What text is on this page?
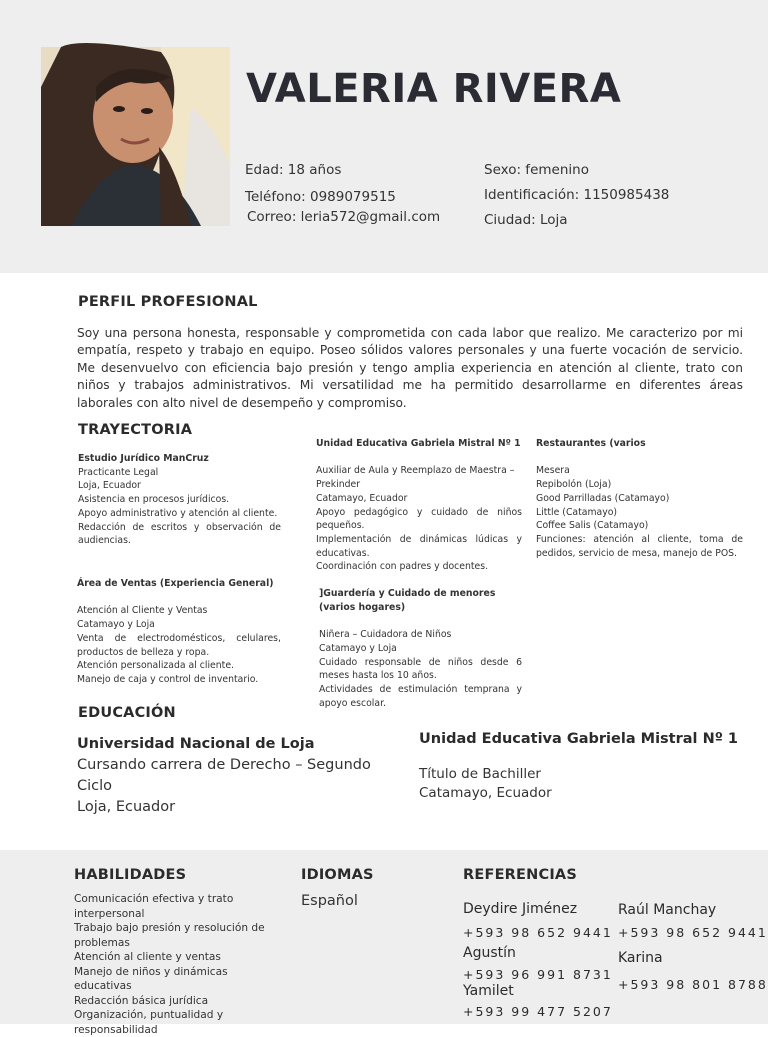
VALERIA RIVERA
Edad: 18 años
Teléfono: 0989079515
Correo: leria572@gmail.com
Sexo: femenino
Identificación: 1150985438
Ciudad: Loja
PERFIL PROFESIONAL
Soy una persona honesta, responsable y comprometida con cada labor que realizo. Me caracterizo por mi empatía, respeto y trabajo en equipo. Poseo sólidos valores personales y una fuerte vocación de servicio. Me desenvuelvo con eficiencia bajo presión y tengo amplia experiencia en atención al cliente, trato con niños y trabajos administrativos. Mi versatilidad me ha permitido desarrollarme en diferentes áreas laborales con alto nivel de desempeño y compromiso.
TRAYECTORIA
Estudio Jurídico ManCruz
Practicante Legal
Loja, Ecuador
Asistencia en procesos jurídicos.
Apoyo administrativo y atención al cliente.
Redacción de escritos y observación de audiencias.
Área de Ventas (Experiencia General)
Atención al Cliente y Ventas
Catamayo y Loja
Venta de electrodomésticos, celulares, productos de belleza y ropa.
Atención personalizada al cliente.
Manejo de caja y control de inventario.
Unidad Educativa Gabriela Mistral Nº 1
Auxiliar de Aula y Reemplazo de Maestra – Prekinder
Catamayo, Ecuador
Apoyo pedagógico y cuidado de niños pequeños.
Implementación de dinámicas lúdicas y educativas.
Coordinación con padres y docentes.
]Guardería y Cuidado de menores (varios hogares)
Niñera – Cuidadora de Niños
Catamayo y Loja
Cuidado responsable de niños desde 6 meses hasta los 10 años.
Actividades de estimulación temprana y apoyo escolar.
Restaurantes (varios
Mesera
Repibolón (Loja)
Good Parrilladas (Catamayo)
Little (Catamayo)
Coffee Salis (Catamayo)
Funciones: atención al cliente, toma de pedidos, servicio de mesa, manejo de POS.
EDUCACIÓN
Universidad Nacional de Loja
Cursando carrera de Derecho – Segundo Ciclo
Loja, Ecuador
Unidad Educativa Gabriela Mistral Nº 1
Título de Bachiller
Catamayo, Ecuador
HABILIDADES
Comunicación efectiva y trato interpersonal
Trabajo bajo presión y resolución de problemas
Atención al cliente y ventas
Manejo de niños y dinámicas educativas
Redacción básica jurídica
Organización, puntualidad y responsabilidad
IDIOMAS
Español
REFERENCIAS
Deydire Jiménez
+593 98 652 9441
Agustín
+593 96 991 8731
Yamilet
+593 99 477 5207
Raúl Manchay
+593 98 652 9441
Karina
+593 98 801 8788
